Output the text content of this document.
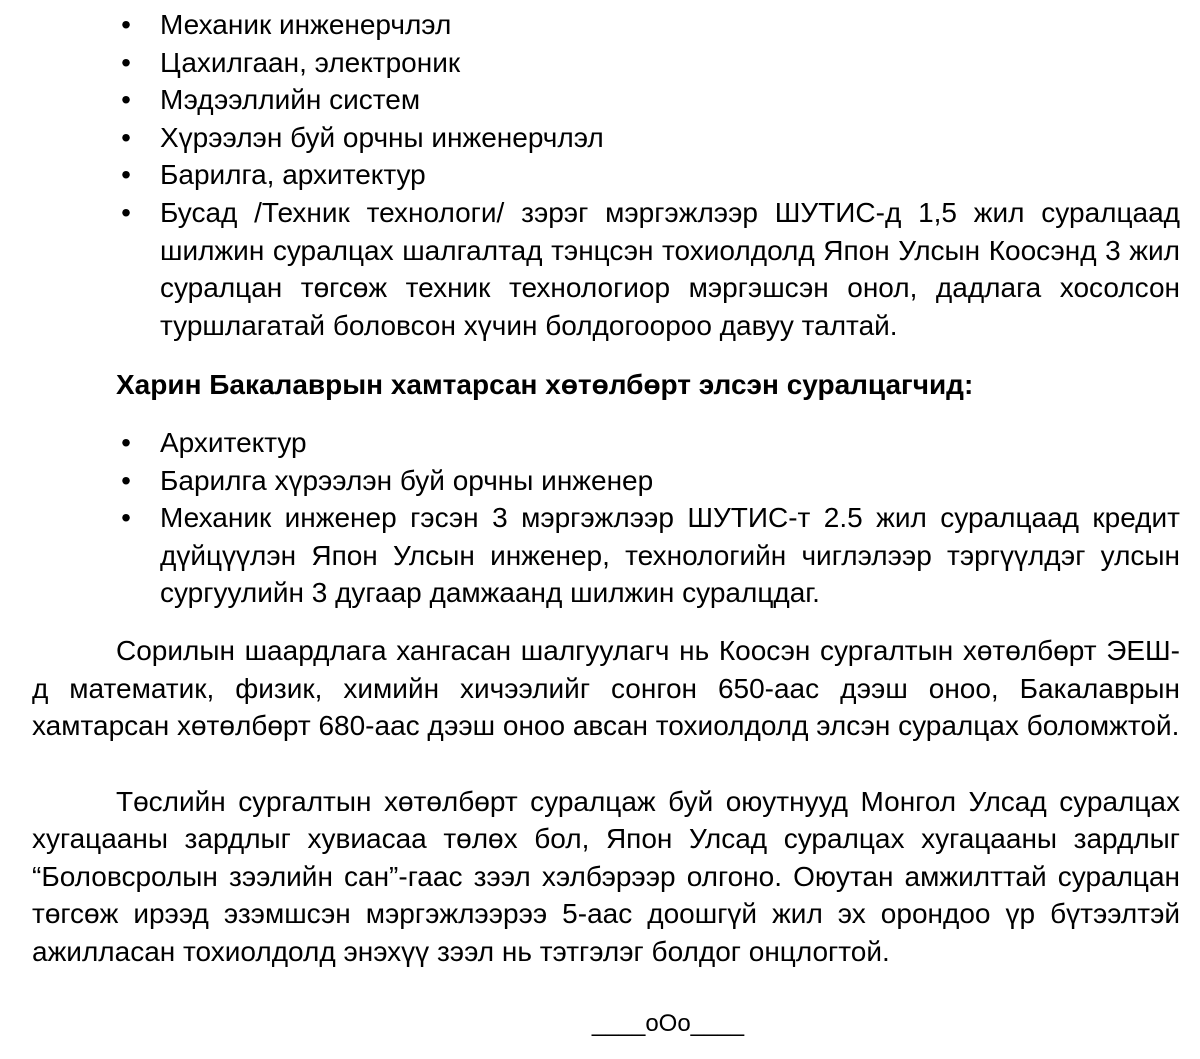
• Механик инженерчлэл
• Цахилгаан, электроник
• Мэдээллийн систем
• Хүрээлэн буй орчны инженерчлэл
• Барилга, архитектур
• Бусад /Техник технологи/ зэрэг мэргэжлээр ШУТИС-д 1,5 жил суралцаад шилжин суралцах шалгалтад тэнцсэн тохиолдолд Япон Улсын Коосэнд 3 жил суралцан төгсөж техник технологиор мэргэшсэн онол, дадлага хосолсон туршлагатай боловсон хүчин болдогоороо давуу талтай.
Харин Бакалаврын хамтарсан хөтөлбөрт элсэн суралцагчид:
• Архитектур
• Барилга хүрээлэн буй орчны инженер
• Механик инженер гэсэн 3 мэргэжлээр ШУТИС-т 2.5 жил суралцаад кредит дүйцүүлэн Япон Улсын инженер, технологийн чиглэлээр тэргүүлдэг улсын сургуулийн 3 дугаар дамжаанд шилжин суралцдаг.

Сорилын шаардлага хангасан шалгуулагч нь Коосэн сургалтын хөтөлбөрт ЭЕШ-д математик, физик, химийн хичээлийг сонгон 650-аас дээш оноо, Бакалаврын хамтарсан хөтөлбөрт 680-аас дээш оноо авсан тохиолдолд элсэн суралцах боломжтой.

Төслийн сургалтын хөтөлбөрт суралцаж буй оюутнууд Монгол Улсад суралцах хугацааны зардлыг хувиасаа төлөх бол, Япон Улсад суралцах хугацааны зардлыг “Боловсролын зээлийн сан”-гаас зээл хэлбэрээр олгоно. Оюутан амжилттай суралцан төгсөж ирээд эзэмшсэн мэргэжлээрээ 5-аас доошгүй жил эх орондоо үр бүтээлтэй ажилласан тохиолдолд энэхүү зээл нь тэтгэлэг болдог онцлогтой.

____oOo____
